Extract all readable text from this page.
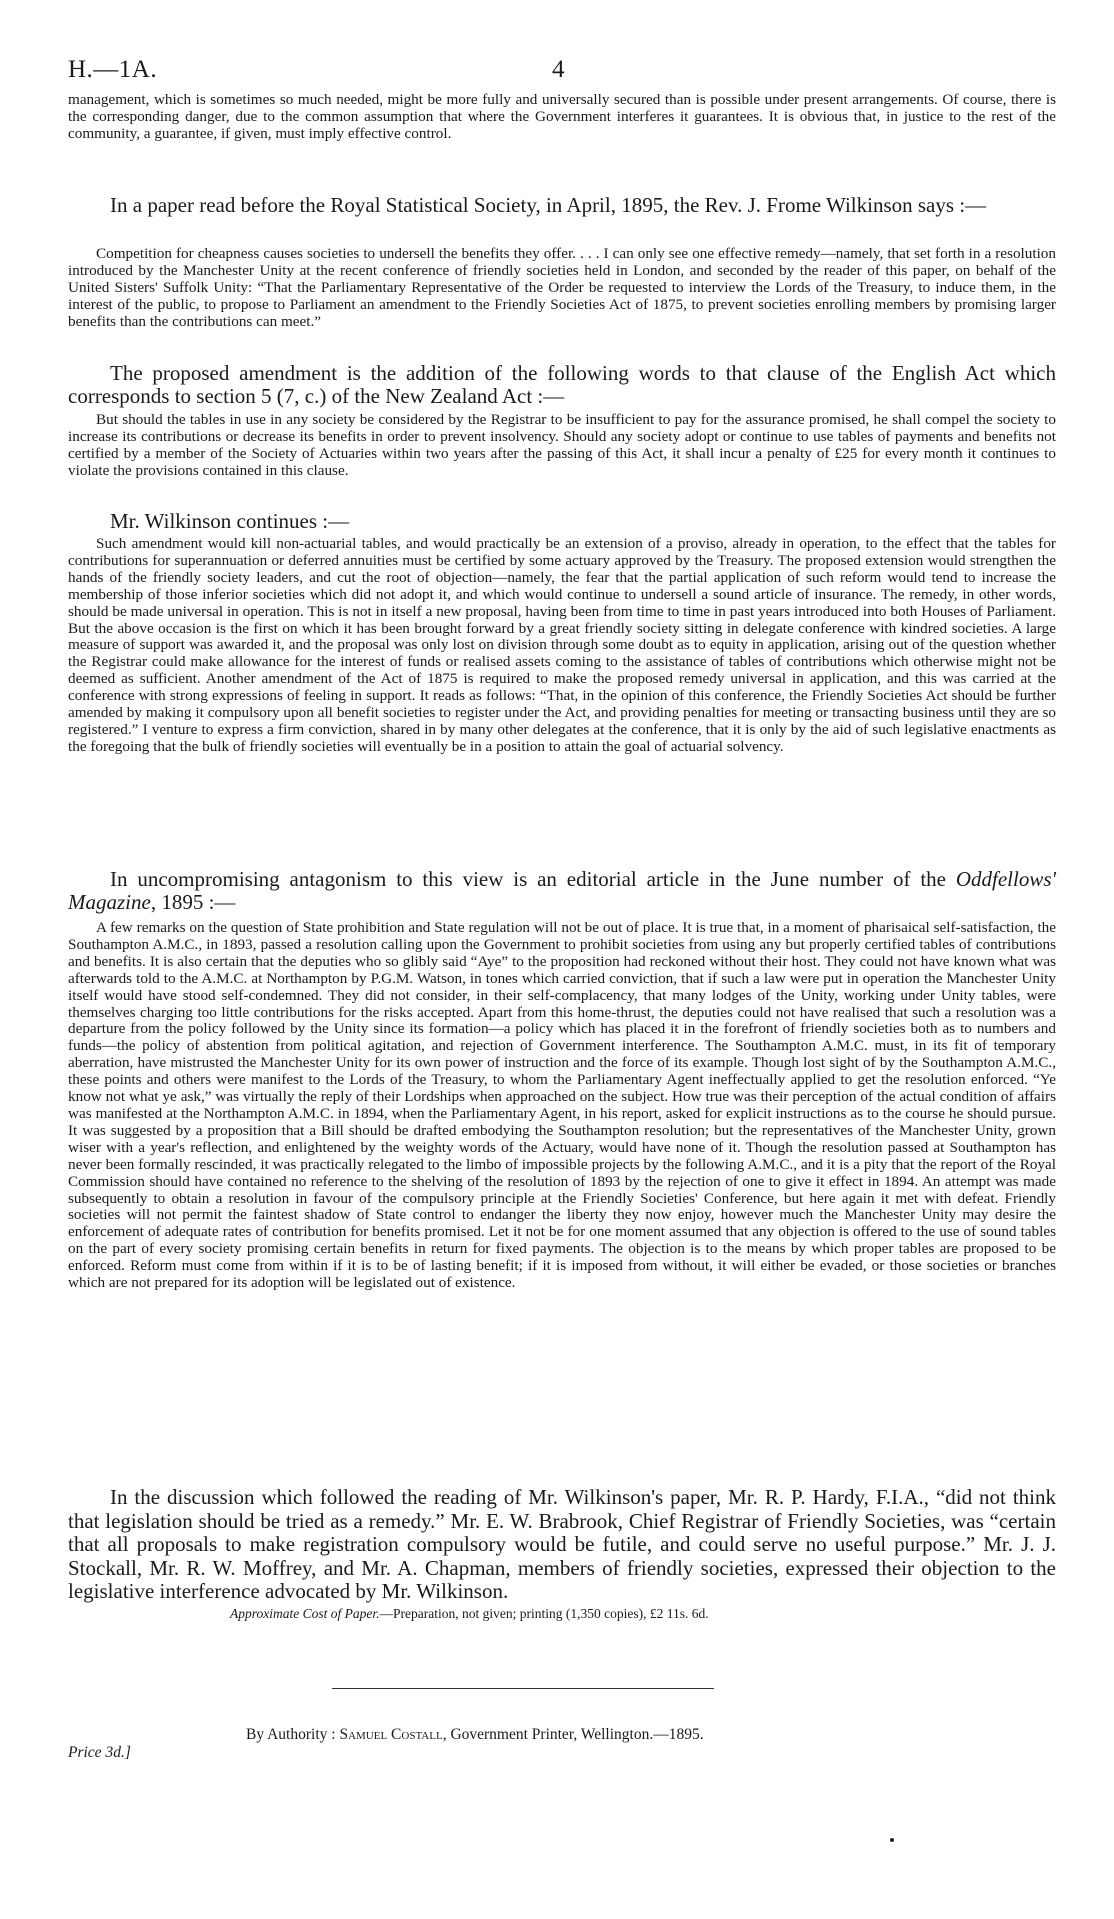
H.—1A.	4

management, which is sometimes so much needed, might be more fully and universally secured than is possible under present arrangements. Of course, there is the corresponding danger, due to the common assumption that where the Government interferes it guarantees. It is obvious that, in justice to the rest of the community, a guarantee, if given, must imply effective control.

In a paper read before the Royal Statistical Society, in April, 1895, the Rev. J. Frome Wilkinson says :—

Competition for cheapness causes societies to undersell the benefits they offer. . . . I can only see one effective remedy—namely, that set forth in a resolution introduced by the Manchester Unity at the recent conference of friendly societies held in London, and seconded by the reader of this paper, on behalf of the United Sisters' Suffolk Unity: “That the Parliamentary Representative of the Order be requested to interview the Lords of the Treasury, to induce them, in the interest of the public, to propose to Parliament an amendment to the Friendly Societies Act of 1875, to prevent societies enrolling members by promising larger benefits than the contributions can meet.”

The proposed amendment is the addition of the following words to that clause of the English Act which corresponds to section 5 (7, c.) of the New Zealand Act :—

But should the tables in use in any society be considered by the Registrar to be insufficient to pay for the assurance promised, he shall compel the society to increase its contributions or decrease its benefits in order to prevent insolvency. Should any society adopt or continue to use tables of payments and benefits not certified by a member of the Society of Actuaries within two years after the passing of this Act, it shall incur a penalty of £25 for every month it continues to violate the provisions contained in this clause.

Mr. Wilkinson continues :—

Such amendment would kill non-actuarial tables, and would practically be an extension of a proviso, already in operation, to the effect that the tables for contributions for superannuation or deferred annuities must be certified by some actuary approved by the Treasury. The proposed extension would strengthen the hands of the friendly society leaders, and cut the root of objection—namely, the fear that the partial application of such reform would tend to increase the membership of those inferior societies which did not adopt it, and which would continue to undersell a sound article of insurance. The remedy, in other words, should be made universal in operation. This is not in itself a new proposal, having been from time to time in past years introduced into both Houses of Parliament. But the above occasion is the first on which it has been brought forward by a great friendly society sitting in delegate conference with kindred societies. A large measure of support was awarded it, and the proposal was only lost on division through some doubt as to equity in application, arising out of the question whether the Registrar could make allowance for the interest of funds or realised assets coming to the assistance of tables of contributions which otherwise might not be deemed as sufficient. Another amendment of the Act of 1875 is required to make the proposed remedy universal in application, and this was carried at the conference with strong expressions of feeling in support. It reads as follows: “That, in the opinion of this conference, the Friendly Societies Act should be further amended by making it compulsory upon all benefit societies to register under the Act, and providing penalties for meeting or transacting business until they are so registered.” I venture to express a firm conviction, shared in by many other delegates at the conference, that it is only by the aid of such legislative enactments as the foregoing that the bulk of friendly societies will eventually be in a position to attain the goal of actuarial solvency.

In uncompromising antagonism to this view is an editorial article in the June number of the Oddfellows' Magazine, 1895 :—

A few remarks on the question of State prohibition and State regulation will not be out of place. It is true that, in a moment of pharisaical self-satisfaction, the Southampton A.M.C., in 1893, passed a resolution calling upon the Government to prohibit societies from using any but properly certified tables of contributions and benefits. It is also certain that the deputies who so glibly said “Aye” to the proposition had reckoned without their host. They could not have known what was afterwards told to the A.M.C. at Northampton by P.G.M. Watson, in tones which carried conviction, that if such a law were put in operation the Manchester Unity itself would have stood self-condemned. They did not consider, in their self-complacency, that many lodges of the Unity, working under Unity tables, were themselves charging too little contributions for the risks accepted. Apart from this home-thrust, the deputies could not have realised that such a resolution was a departure from the policy followed by the Unity since its formation—a policy which has placed it in the forefront of friendly societies both as to numbers and funds—the policy of abstention from political agitation, and rejection of Government interference. The Southampton A.M.C. must, in its fit of temporary aberration, have mistrusted the Manchester Unity for its own power of instruction and the force of its example. Though lost sight of by the Southampton A.M.C., these points and others were manifest to the Lords of the Treasury, to whom the Parliamentary Agent ineffectually applied to get the resolution enforced. “Ye know not what ye ask,” was virtually the reply of their Lordships when approached on the subject. How true was their perception of the actual condition of affairs was manifested at the Northampton A.M.C. in 1894, when the Parliamentary Agent, in his report, asked for explicit instructions as to the course he should pursue. It was suggested by a proposition that a Bill should be drafted embodying the Southampton resolution; but the representatives of the Manchester Unity, grown wiser with a year's reflection, and enlightened by the weighty words of the Actuary, would have none of it. Though the resolution passed at Southampton has never been formally rescinded, it was practically relegated to the limbo of impossible projects by the following A.M.C., and it is a pity that the report of the Royal Commission should have contained no reference to the shelving of the resolution of 1893 by the rejection of one to give it effect in 1894. An attempt was made subsequently to obtain a resolution in favour of the compulsory principle at the Friendly Societies' Conference, but here again it met with defeat. Friendly societies will not permit the faintest shadow of State control to endanger the liberty they now enjoy, however much the Manchester Unity may desire the enforcement of adequate rates of contribution for benefits promised. Let it not be for one moment assumed that any objection is offered to the use of sound tables on the part of every society promising certain benefits in return for fixed payments. The objection is to the means by which proper tables are proposed to be enforced. Reform must come from within if it is to be of lasting benefit; if it is imposed from without, it will either be evaded, or those societies or branches which are not prepared for its adoption will be legislated out of existence.

In the discussion which followed the reading of Mr. Wilkinson's paper, Mr. R. P. Hardy, F.I.A., “did not think that legislation should be tried as a remedy.” Mr. E. W. Brabrook, Chief Registrar of Friendly Societies, was “certain that all proposals to make registration compulsory would be futile, and could serve no useful purpose.” Mr. J. J. Stockall, Mr. R. W. Moffrey, and Mr. A. Chapman, members of friendly societies, expressed their objection to the legislative interference advocated by Mr. Wilkinson.

Approximate Cost of Paper.—Preparation, not given; printing (1,350 copies), £2 11s. 6d.
By Authority : Samuel Costall, Government Printer, Wellington.—1895.
Price 3d.]
